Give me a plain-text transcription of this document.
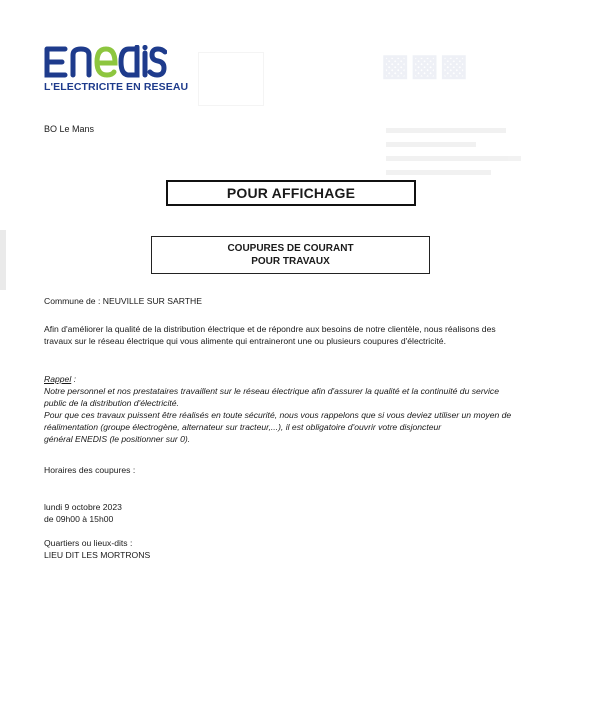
▩▩▩
L'ELECTRICITE EN RESEAU
BO Le Mans
POUR AFFICHAGE
COUPURES DE COURANT
POUR TRAVAUX
Commune de : NEUVILLE SUR SARTHE
Afin d'améliorer la qualité de la distribution électrique et de répondre aux besoins de notre clientèle, nous réalisons des
travaux sur le réseau électrique qui vous alimente qui entraineront une ou plusieurs coupures d'électricité.
Rappel :
Notre personnel et nos prestataires travaillent sur le réseau électrique afin d'assurer la qualité et la continuité du service
public de la distribution d'électricité.
Pour que ces travaux puissent être réalisés en toute sécurité, nous vous rappelons que si vous deviez utiliser un moyen de
réalimentation (groupe électrogène, alternateur sur tracteur,...), il est obligatoire d'ouvrir votre disjoncteur
général ENEDIS (le positionner sur 0).
Horaires des coupures :
lundi 9 octobre 2023
de 09h00 à 15h00
Quartiers ou lieux-dits :
LIEU DIT LES MORTRONS
